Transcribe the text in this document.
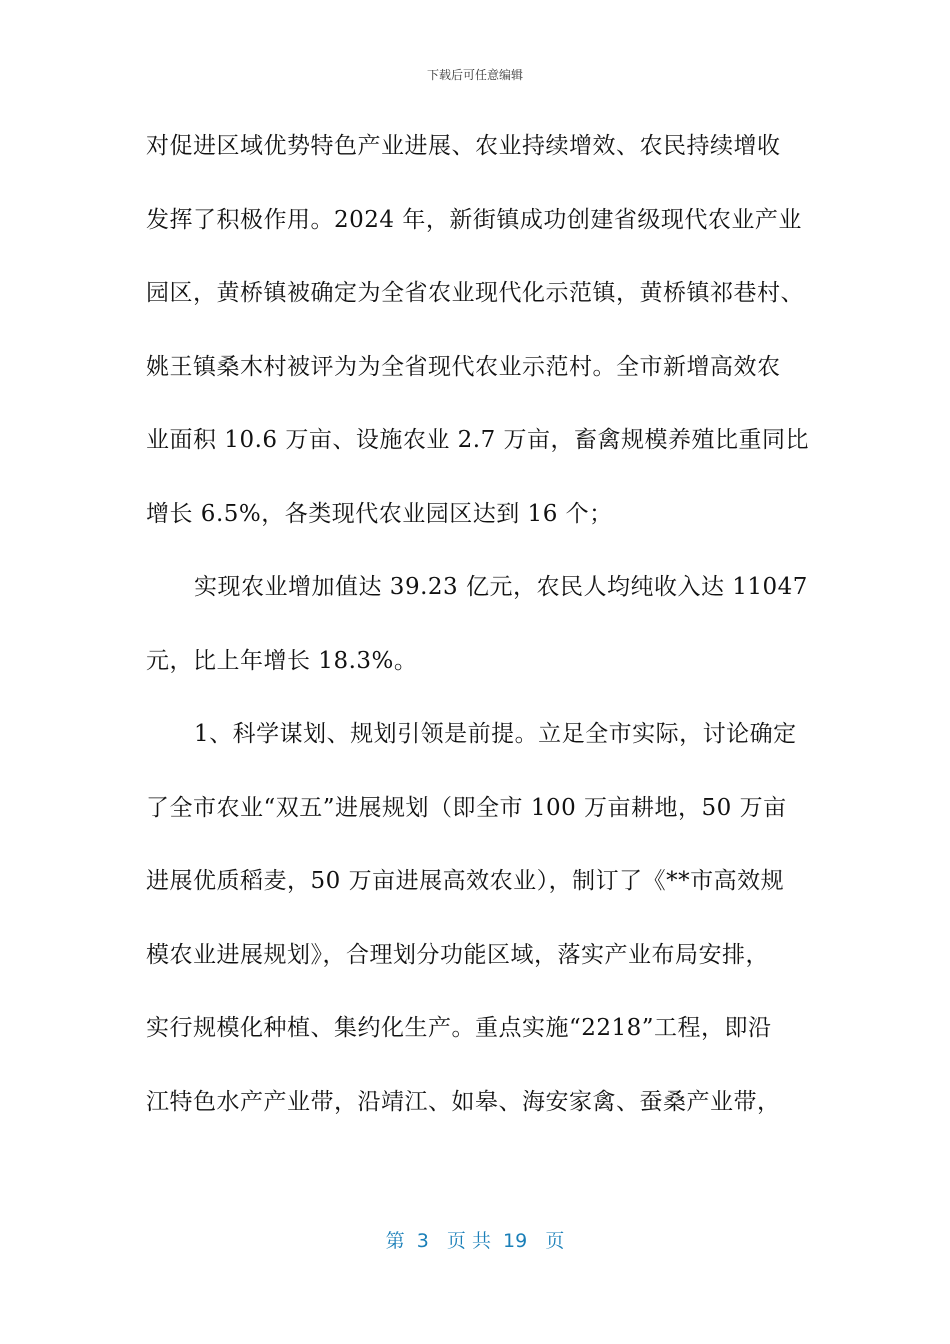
下载后可任意编辑
对促进区域优势特色产业进展、农业持续增效、农民持续增收
发挥了积极作用。2024 年，新街镇成功创建省级现代农业产业
园区，黄桥镇被确定为全省农业现代化示范镇，黄桥镇祁巷村、
姚王镇桑木村被评为为全省现代农业示范村。全市新增高效农
业面积 10.6 万亩、设施农业 2.7 万亩，畜禽规模养殖比重同比
增长 6.5%，各类现代农业园区达到 16 个；
实现农业增加值达 39.23 亿元，农民人均纯收入达 11047
元，比上年增长 18.3%。
1、科学谋划、规划引领是前提。立足全市实际，讨论确定
了全市农业“双五”进展规划（即全市 100 万亩耕地，50 万亩
进展优质稻麦，50 万亩进展高效农业），制订了《**市高效规
模农业进展规划》，合理划分功能区域，落实产业布局安排，
实行规模化种植、集约化生产。重点实施“2218”工程，即沿
江特色水产产业带，沿靖江、如皋、海安家禽、蚕桑产业带，
第  3   页 共  19   页
